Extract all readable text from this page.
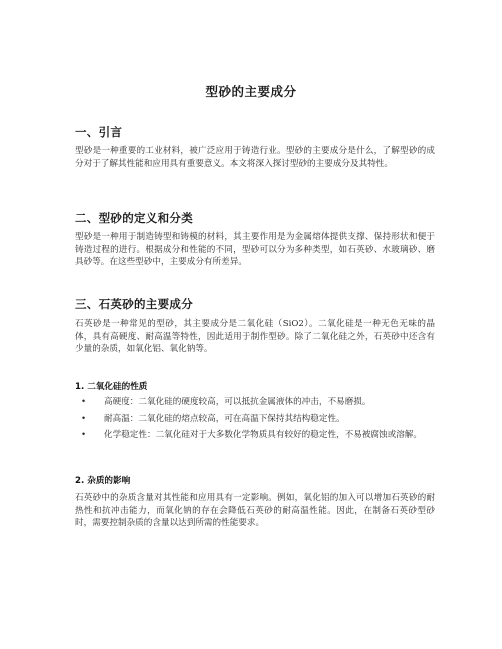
型砂的主要成分
一、引言
型砂是一种重要的工业材料，被广泛应用于铸造行业。型砂的主要成分是什么，了解型砂的成分对于了解其性能和应用具有重要意义。本文将深入探讨型砂的主要成分及其特性。
二、型砂的定义和分类
型砂是一种用于制造铸型和铸模的材料，其主要作用是为金属熔体提供支撑、保持形状和便于铸造过程的进行。根据成分和性能的不同，型砂可以分为多种类型，如石英砂、水玻璃砂、磨具砂等。在这些型砂中，主要成分有所差异。
三、石英砂的主要成分
石英砂是一种常见的型砂，其主要成分是二氧化硅（SiO2）。二氧化硅是一种无色无味的晶体，具有高硬度、耐高温等特性，因此适用于制作型砂。除了二氧化硅之外，石英砂中还含有少量的杂质，如氧化铝、氧化钠等。
1. 二氧化硅的性质
• 高硬度：二氧化硅的硬度较高，可以抵抗金属液体的冲击，不易磨损。
• 耐高温：二氧化硅的熔点较高，可在高温下保持其结构稳定性。
• 化学稳定性：二氧化硅对于大多数化学物质具有较好的稳定性，不易被腐蚀或溶解。
2. 杂质的影响
石英砂中的杂质含量对其性能和应用具有一定影响。例如，氧化铝的加入可以增加石英砂的耐热性和抗冲击能力，而氧化钠的存在会降低石英砂的耐高温性能。因此，在制备石英砂型砂时，需要控制杂质的含量以达到所需的性能要求。
